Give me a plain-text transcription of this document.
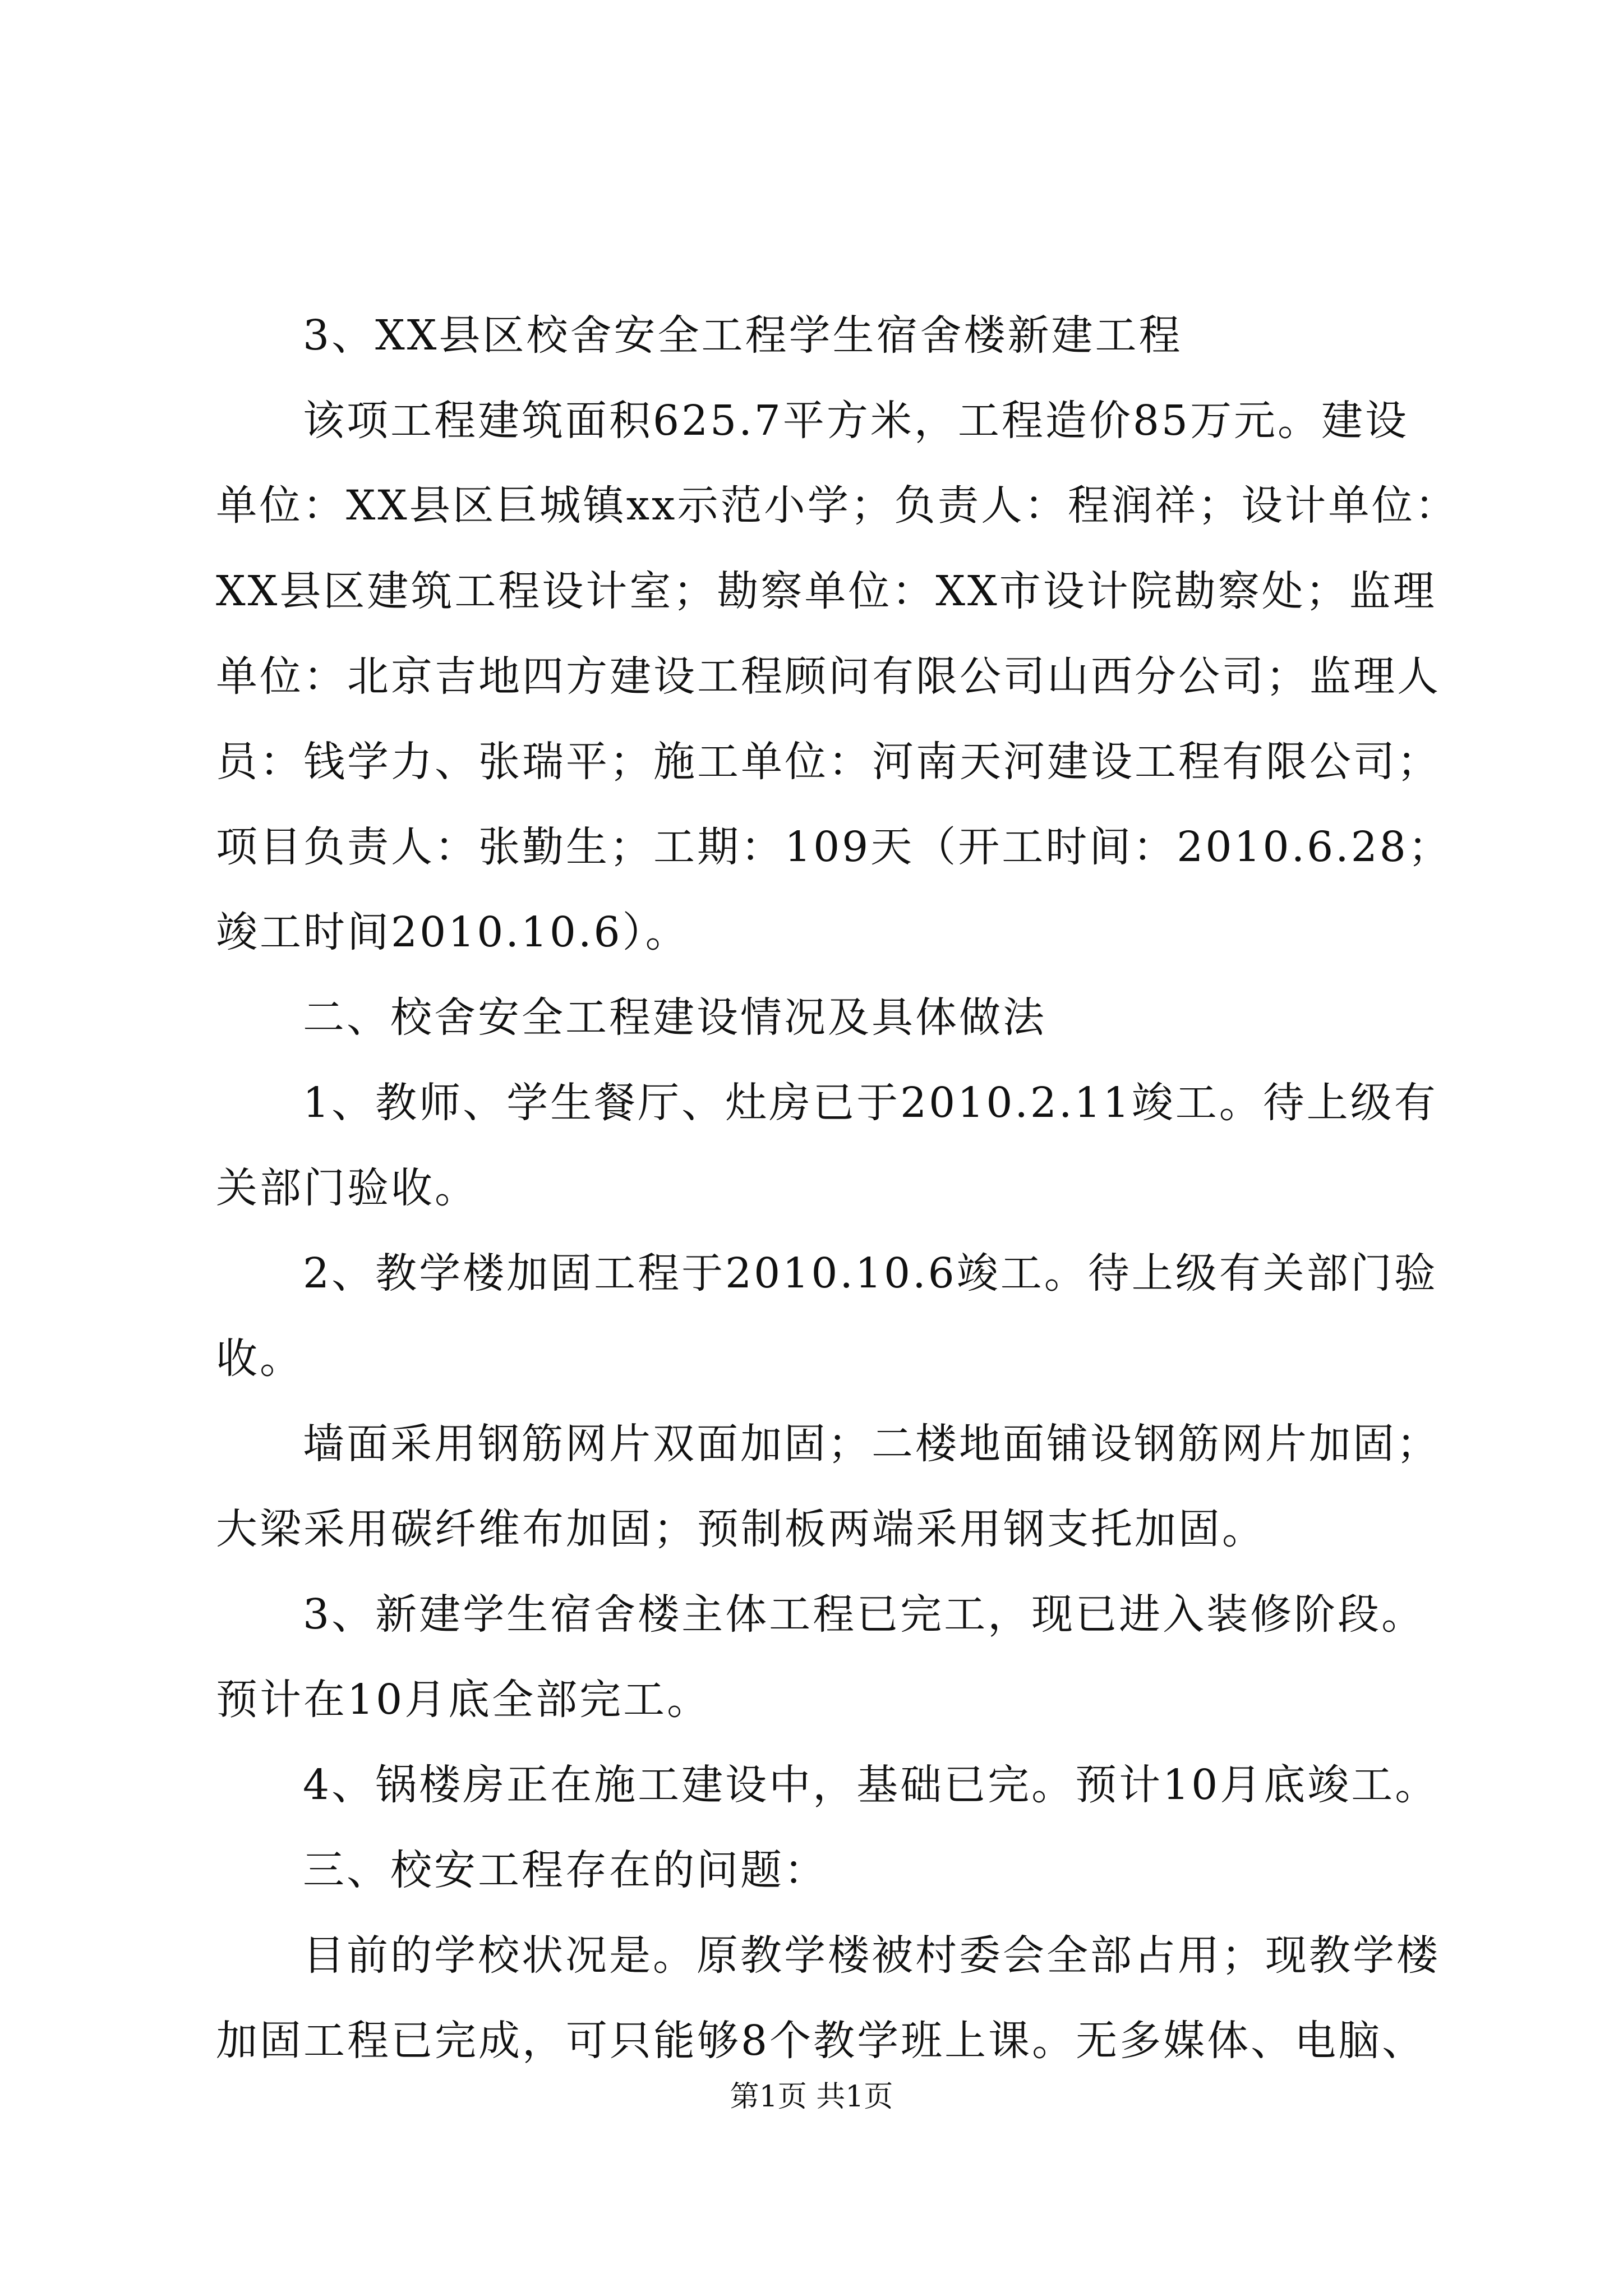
3、XX县区校舍安全工程学生宿舍楼新建工程
该项工程建筑面积625.7平方米，工程造价85万元。建设
单位：XX县区巨城镇xx示范小学；负责人：程润祥；设计单位：
XX县区建筑工程设计室；勘察单位：XX市设计院勘察处；监理
单位：北京吉地四方建设工程顾问有限公司山西分公司；监理人
员：钱学力、张瑞平；施工单位：河南天河建设工程有限公司；
项目负责人：张勤生；工期：109天（开工时间：2010.6.28；
竣工时间2010.10.6）。
二、校舍安全工程建设情况及具体做法
1、教师、学生餐厅、灶房已于2010.2.11竣工。待上级有
关部门验收。
2、教学楼加固工程于2010.10.6竣工。待上级有关部门验
收。
墙面采用钢筋网片双面加固；二楼地面铺设钢筋网片加固；
大梁采用碳纤维布加固；预制板两端采用钢支托加固。
3、新建学生宿舍楼主体工程已完工，现已进入装修阶段。
预计在10月底全部完工。
4、锅楼房正在施工建设中，基础已完。预计10月底竣工。
三、校安工程存在的问题：
目前的学校状况是。原教学楼被村委会全部占用；现教学楼
加固工程已完成，可只能够8个教学班上课。无多媒体、电脑、
第1页 共1页
